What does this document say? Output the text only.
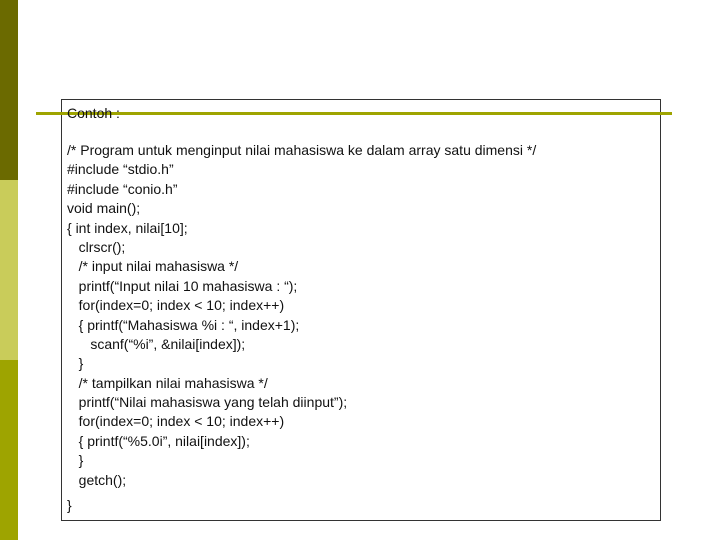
Contoh :
/* Program untuk menginput nilai mahasiswa ke dalam array satu dimensi */
#include “stdio.h”
#include “conio.h”
void main();
{ int index, nilai[10];
clrscr();
/* input nilai mahasiswa */
printf(“Input nilai 10 mahasiswa : “);
for(index=0; index < 10; index++)
{ printf(“Mahasiswa %i : “, index+1);
scanf(“%i”, &nilai[index]);
}
/* tampilkan nilai mahasiswa */
printf(“Nilai mahasiswa yang telah diinput”);
for(index=0; index < 10; index++)
{ printf(“%5.0i”, nilai[index]);
}
getch();
}
